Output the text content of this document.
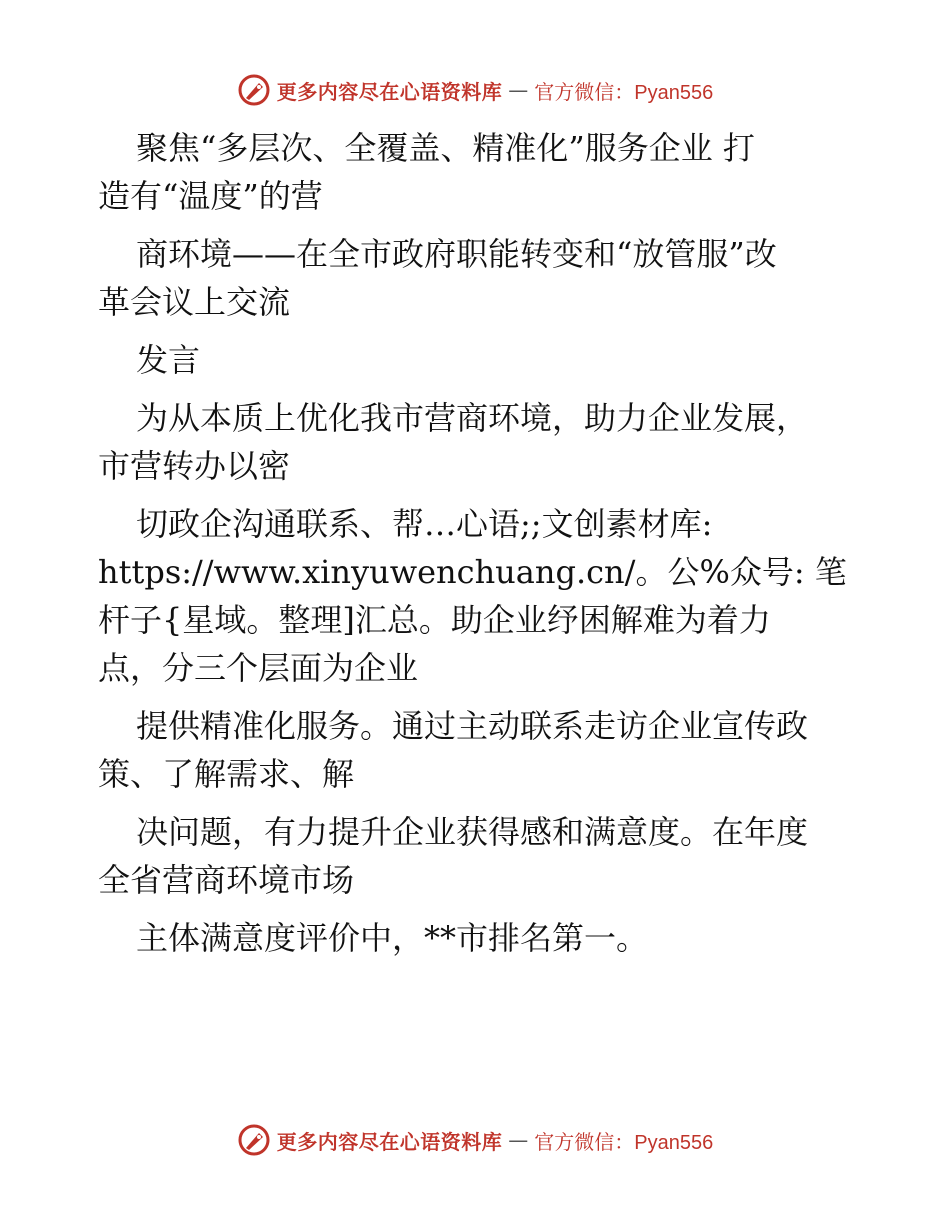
更多内容尽在心语资料库 — 官方微信：Pyan556
聚焦“多层次、全覆盖、精准化”服务企业 打
造有“温度”的营
商环境——在全市政府职能转变和“放管服”改
革会议上交流
发言
为从本质上优化我市营商环境，助力企业发展，
市营转办以密
切政企沟通联系、帮…心语;;文创素材库:
https://www.xinyuwenchuang.cn/。公%众号: 笔
杆子{星域。整理]汇总。助企业纾困解难为着力
点，分三个层面为企业
提供精准化服务。通过主动联系走访企业宣传政
策、了解需求、解
决问题，有力提升企业获得感和满意度。在年度
全省营商环境市场
主体满意度评价中，**市排名第一。
更多内容尽在心语资料库 — 官方微信：Pyan556
